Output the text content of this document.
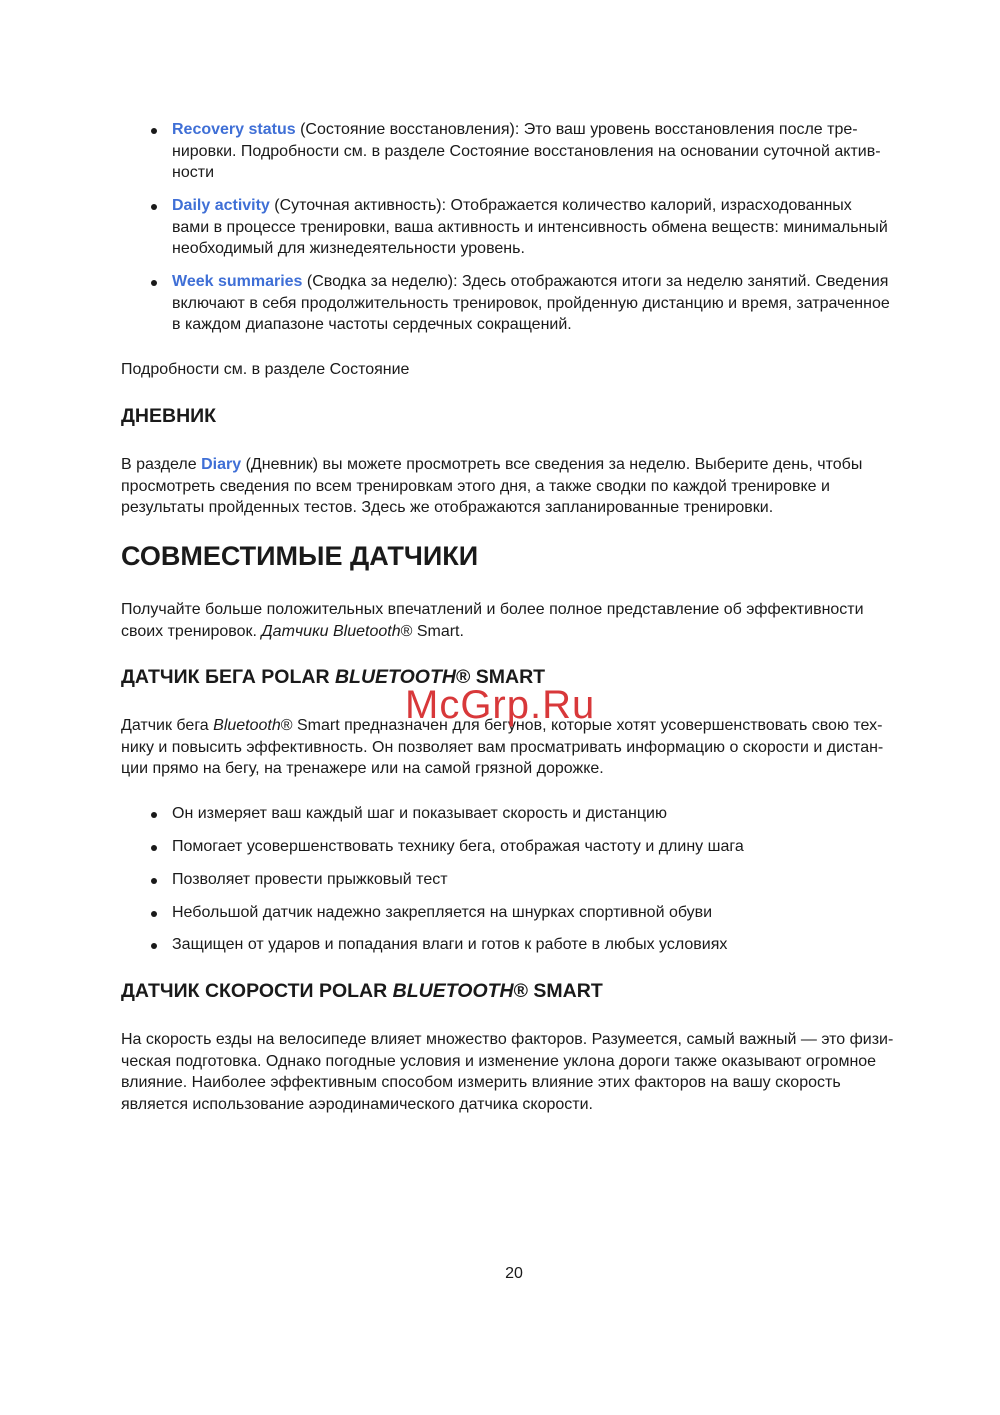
Recovery status (Состояние восстановления): Это ваш уровень восстановления после тре-
нировки. Подробности см. в разделе Состояние восстановления на основании суточной актив-
ности
Daily activity (Суточная активность): Отображается количество калорий, израсходованных
вами в процессе тренировки, ваша активность и интенсивность обмена веществ: минимальный
необходимый для жизнедеятельности уровень.
Week summaries (Сводка за неделю): Здесь отображаются итоги за неделю занятий. Сведения
включают в себя продолжительность тренировок, пройденную дистанцию и время, затраченное
в каждом диапазоне частоты сердечных сокращений.
Подробности см. в разделе Состояние
ДНЕВНИК
В разделе Diary (Дневник) вы можете просмотреть все сведения за неделю. Выберите день, чтобы
просмотреть сведения по всем тренировкам этого дня, а также сводки по каждой тренировке и
результаты пройденных тестов. Здесь же отображаются запланированные тренировки.
СОВМЕСТИМЫЕ ДАТЧИКИ
Получайте больше положительных впечатлений и более полное представление об эффективности
своих тренировок. Датчики Bluetooth® Smart.
ДАТЧИК БЕГА POLAR BLUETOOTH® SMART
Датчик бега Bluetooth® Smart предназначен для бегунов, которые хотят усовершенствовать свою тех-
нику и повысить эффективность. Он позволяет вам просматривать информацию о скорости и дистан-
ции прямо на бегу, на тренажере или на самой грязной дорожке.
Он измеряет ваш каждый шаг и показывает скорость и дистанцию
Помогает усовершенствовать технику бега, отображая частоту и длину шага
Позволяет провести прыжковый тест
Небольшой датчик надежно закрепляется на шнурках спортивной обуви
Защищен от ударов и попадания влаги и готов к работе в любых условиях
ДАТЧИК СКОРОСТИ POLAR BLUETOOTH® SMART
На скорость езды на велосипеде влияет множество факторов. Разумеется, самый важный — это физи-
ческая подготовка. Однако погодные условия и изменение уклона дороги также оказывают огромное
влияние. Наиболее эффективным способом измерить влияние этих факторов на вашу скорость
является использование аэродинамического датчика скорости.
McGrp.Ru
20
